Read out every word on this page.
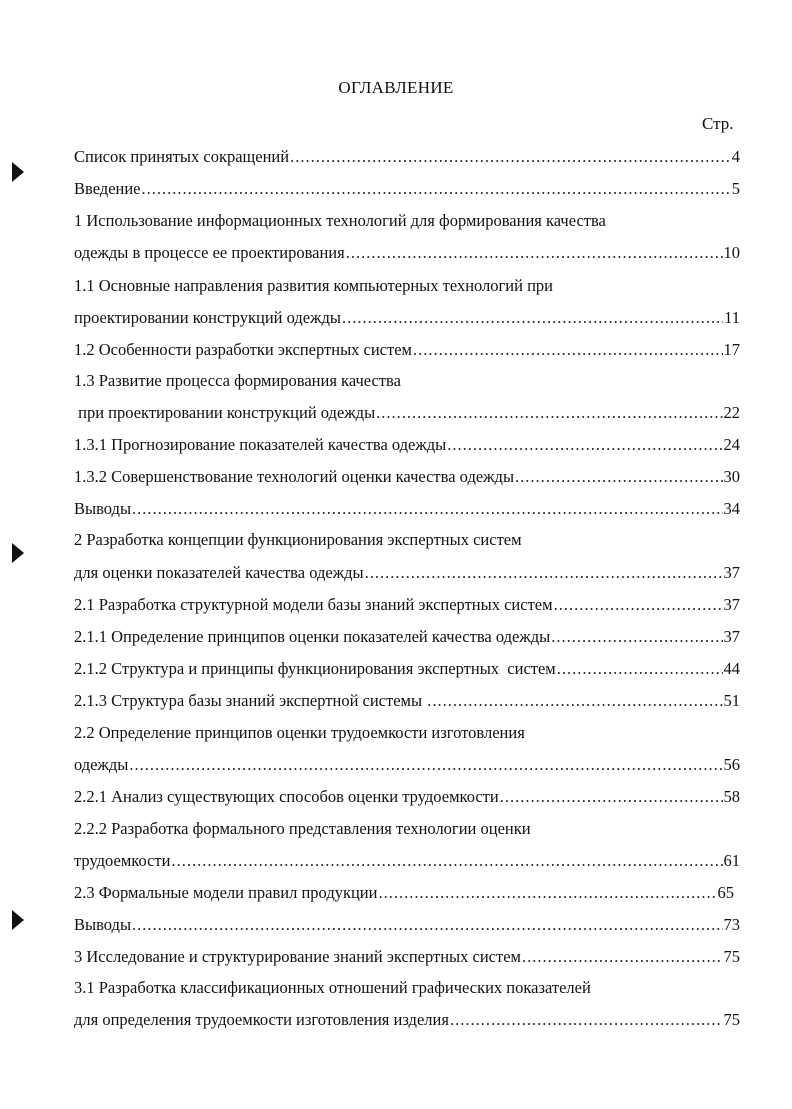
ОГЛАВЛЕНИЕ
Стр.
Список принятых сокращений .....	4
Введение .....	5
1 Использование информационных технологий для формирования качества
одежды в процессе ее проектирования .....	10
1.1 Основные направления развития компьютерных технологий при
проектировании конструкций одежды .....	11
1.2 Особенности разработки экспертных систем .....	17
1.3 Развитие процесса формирования качества
при проектировании конструкций одежды .....	22
1.3.1 Прогнозирование показателей качества одежды .....	24
1.3.2 Совершенствование технологий оценки качества одежды .....	30
Выводы .....	34
2 Разработка концепции функционирования экспертных систем
для оценки показателей качества одежды .....	37
2.1 Разработка структурной модели базы знаний экспертных систем .....	37
2.1.1 Определение принципов оценки показателей качества одежды .....	37
2.1.2 Структура и принципы функционирования экспертных  систем .....	44
2.1.3 Структура базы знаний экспертной системы .....	51
2.2 Определение принципов оценки трудоемкости изготовления
одежды .....	56
2.2.1 Анализ существующих способов оценки трудоемкости .....	58
2.2.2 Разработка формального представления технологии оценки
трудоемкости .....	61
2.3 Формальные модели правил продукции .....	65
Выводы .....	73
3 Исследование и структурирование знаний экспертных систем .....	75
3.1 Разработка классификационных отношений графических показателей
для определения трудоемкости изготовления изделия .....	75
